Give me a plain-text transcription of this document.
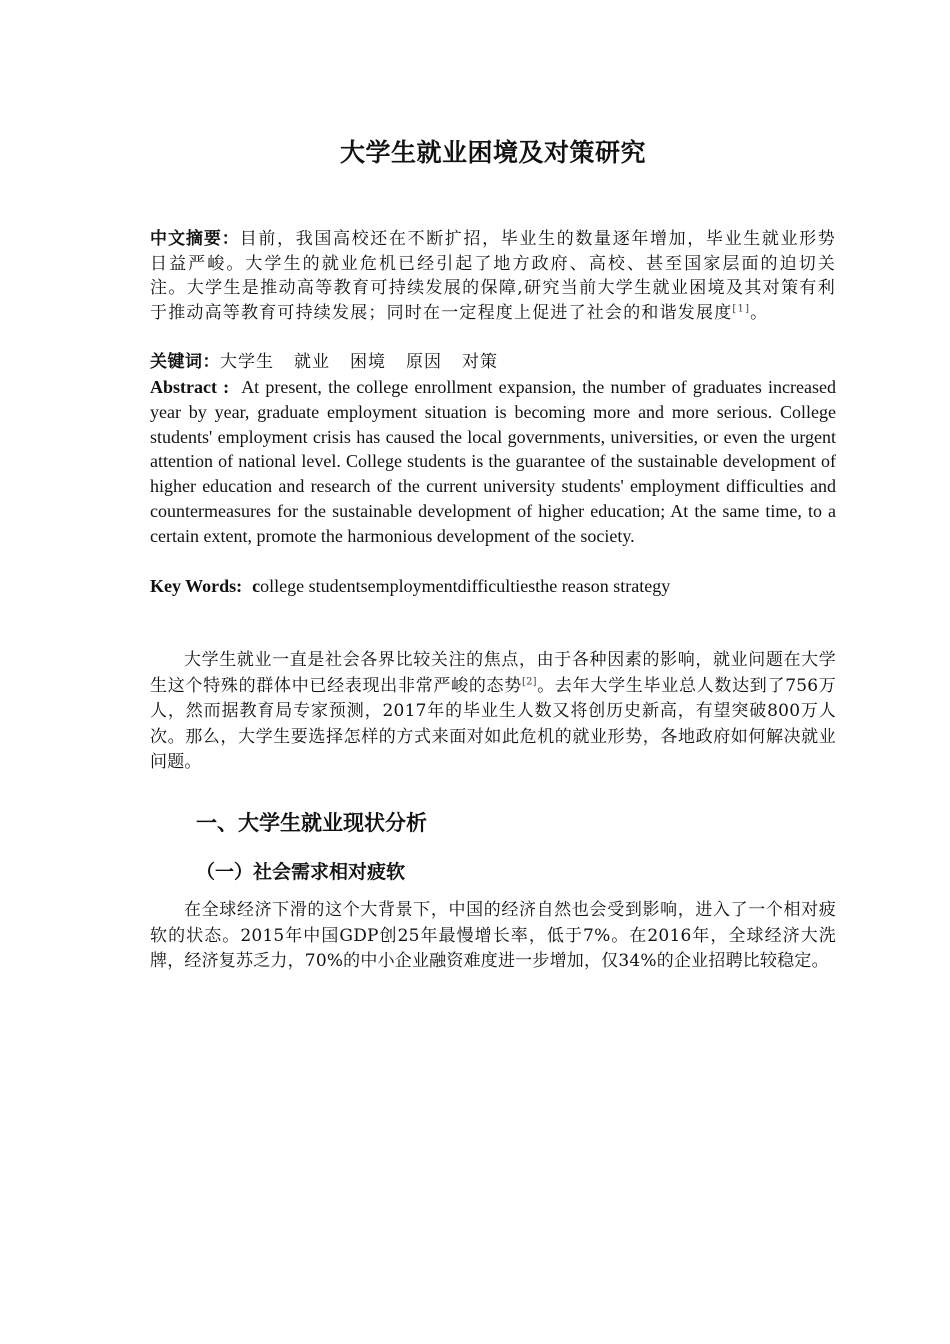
大学生就业困境及对策研究
中文摘要：目前，我国高校还在不断扩招，毕业生的数量逐年增加，毕业生就业形势日益严峻。大学生的就业危机已经引起了地方政府、高校、甚至国家层面的迫切关注。大学生是推动高等教育可持续发展的保障,研究当前大学生就业困境及其对策有利于推动高等教育可持续发展；同时在一定程度上促进了社会的和谐发展度[1]。
关键词：大学生 就业 困境 原因 对策
Abstract : At present, the college enrollment expansion, the number of graduates increased year by year, graduate employment situation is becoming more and more serious. College students' employment crisis has caused the local governments, universities, or even the urgent attention of national level. College students is the guarantee of the sustainable development of higher education and research of the current university students' employment difficulties and countermeasures for the sustainable development of higher education; At the same time, to a certain extent, promote the harmonious development of the society.
Key Words: college studentsemploymentdifficultiesthe reason strategy
大学生就业一直是社会各界比较关注的焦点，由于各种因素的影响，就业问题在大学生这个特殊的群体中已经表现出非常严峻的态势[2]。去年大学生毕业总人数达到了756万人，然而据教育局专家预测，2017年的毕业生人数又将创历史新高，有望突破800万人次。那么，大学生要选择怎样的方式来面对如此危机的就业形势，各地政府如何解决就业问题。
一、大学生就业现状分析
（一）社会需求相对疲软
在全球经济下滑的这个大背景下，中国的经济自然也会受到影响，进入了一个相对疲软的状态。2015年中国GDP创25年最慢增长率，低于7%。在2016年，全球经济大洗牌，经济复苏乏力，70%的中小企业融资难度进一步增加，仅34%的企业招聘比较稳定。
